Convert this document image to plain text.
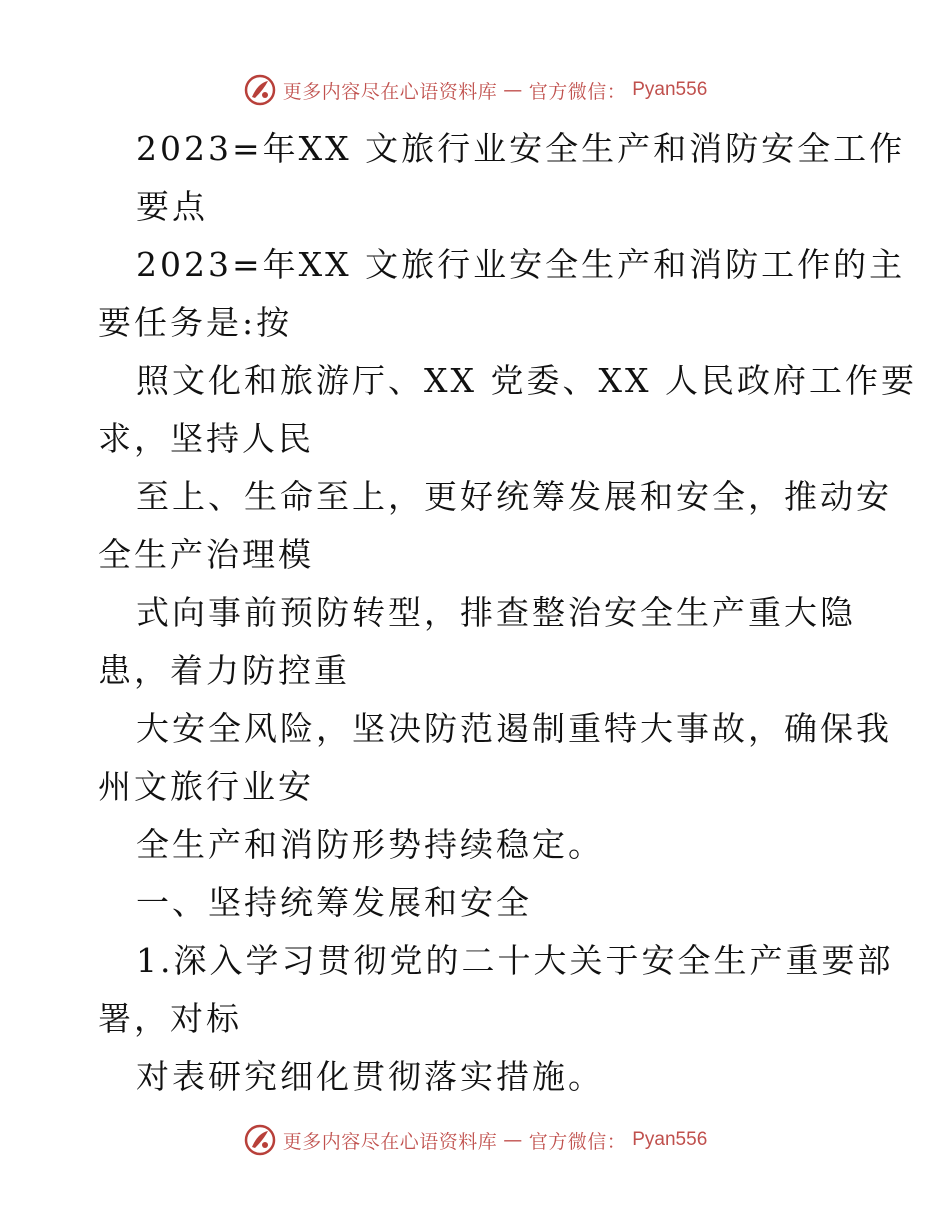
更多内容尽在心语资料库 — 官方微信： Pyan556
2023=年XX 文旅行业安全生产和消防安全工作
要点
2023=年XX 文旅行业安全生产和消防工作的主
要任务是:按
照文化和旅游厅、XX 党委、XX 人民政府工作要
求，坚持人民
至上、生命至上，更好统筹发展和安全，推动安
全生产治理模
式向事前预防转型，排查整治安全生产重大隐
患，着力防控重
大安全风险，坚决防范遏制重特大事故，确保我
州文旅行业安
全生产和消防形势持续稳定。
一、坚持统筹发展和安全
1.深入学习贯彻党的二十大关于安全生产重要部
署，对标
对表研究细化贯彻落实措施。
更多内容尽在心语资料库 — 官方微信： Pyan556
